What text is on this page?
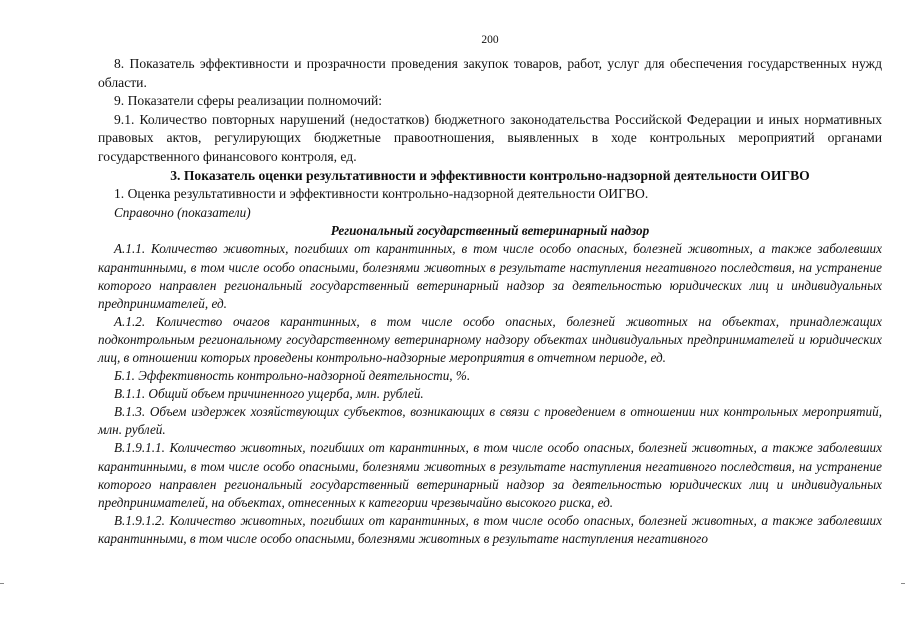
200

8. Показатель эффективности и прозрачности проведения закупок товаров, работ, услуг для обеспечения государственных нужд области.

9. Показатели сферы реализации полномочий:

9.1. Количество повторных нарушений (недостатков) бюджетного законодательства Российской Федерации и иных нормативных правовых актов, регулирующих бюджетные правоотношения, выявленных в ходе контрольных мероприятий органами государственного финансового контроля, ед.

3. Показатель оценки результативности и эффективности контрольно-надзорной деятельности ОИГВО

1. Оценка результативности и эффективности контрольно-надзорной деятельности ОИГВО.

Справочно (показатели)

Региональный государственный ветеринарный надзор

А.1.1. Количество животных, погибших от карантинных, в том числе особо опасных, болезней животных, а также заболевших карантинными, в том числе особо опасными, болезнями животных в результате наступления негативного последствия, на устранение которого направлен региональный государственный ветеринарный надзор за деятельностью юридических лиц и индивидуальных предпринимателей, ед.

А.1.2. Количество очагов карантинных, в том числе особо опасных, болезней животных на объектах, принадлежащих подконтрольным региональному государственному ветеринарному надзору объектах индивидуальных предпринимателей и юридических лиц, в отношении которых проведены контрольно-надзорные мероприятия в отчетном периоде, ед.

Б.1. Эффективность контрольно-надзорной деятельности, %.

В.1.1. Общий объем причиненного ущерба, млн. рублей.

В.1.3. Объем издержек хозяйствующих субъектов, возникающих в связи с проведением в отношении них контрольных мероприятий, млн. рублей.

В.1.9.1.1. Количество животных, погибших от карантинных, в том числе особо опасных, болезней животных, а также заболевших карантинными, в том числе особо опасными, болезнями животных в результате наступления негативного последствия, на устранение которого направлен региональный государственный ветеринарный надзор за деятельностью юридических лиц и индивидуальных предпринимателей, на объектах, отнесенных к категории чрезвычайно высокого риска, ед.

В.1.9.1.2. Количество животных, погибших от карантинных, в том числе особо опасных, болезней животных, а также заболевших карантинными, в том числе особо опасными, болезнями животных в результате наступления негативного
